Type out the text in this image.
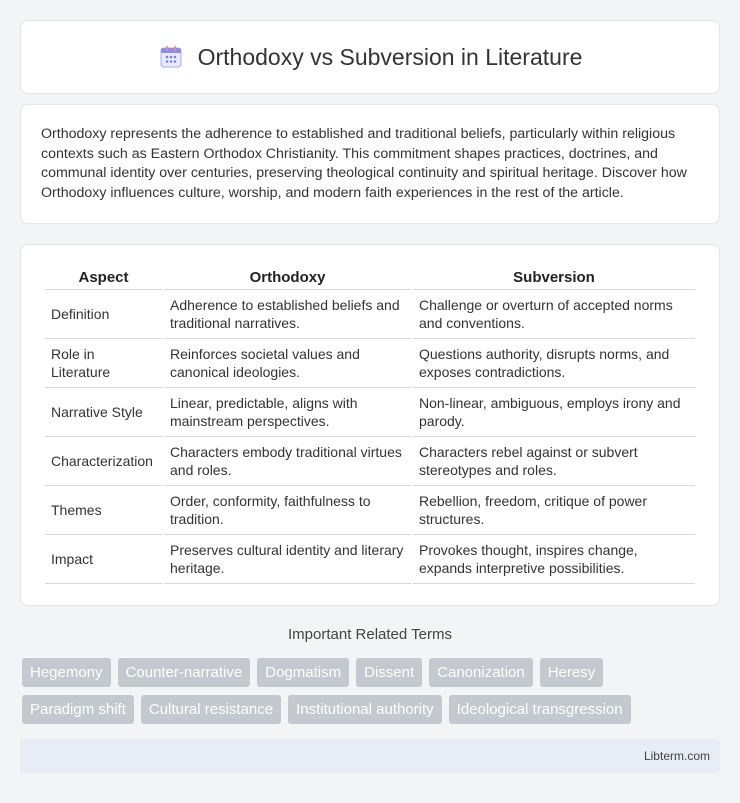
Orthodoxy vs Subversion in Literature

Orthodoxy represents the adherence to established and traditional beliefs, particularly within religious contexts such as Eastern Orthodox Christianity. This commitment shapes practices, doctrines, and communal identity over centuries, preserving theological continuity and spiritual heritage. Discover how Orthodoxy influences culture, worship, and modern faith experiences in the rest of the article.

Aspect	Orthodoxy	Subversion
Definition	Adherence to established beliefs and traditional narratives.	Challenge or overturn of accepted norms and conventions.
Role in Literature	Reinforces societal values and canonical ideologies.	Questions authority, disrupts norms, and exposes contradictions.
Narrative Style	Linear, predictable, aligns with mainstream perspectives.	Non-linear, ambiguous, employs irony and parody.
Characterization	Characters embody traditional virtues and roles.	Characters rebel against or subvert stereotypes and roles.
Themes	Order, conformity, faithfulness to tradition.	Rebellion, freedom, critique of power structures.
Impact	Preserves cultural identity and literary heritage.	Provokes thought, inspires change, expands interpretive possibilities.
Important Related Terms
Hegemony	Counter-narrative	Dogmatism	Dissent	Canonization	Heresy
Paradigm shift	Cultural resistance	Institutional authority	Ideological transgression
Libterm.com
